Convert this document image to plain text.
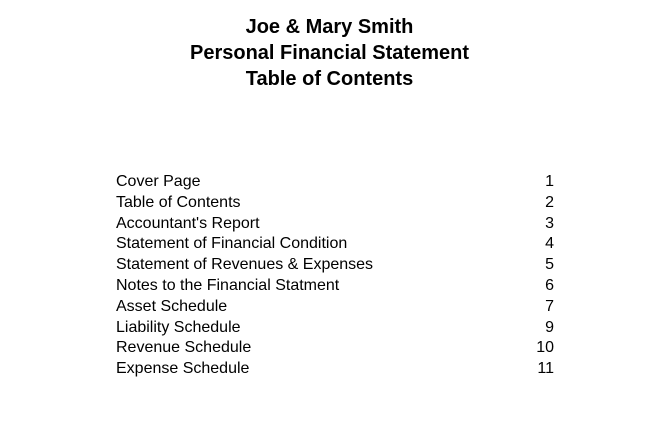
Joe & Mary Smith
Personal Financial Statement
Table of Contents
Cover Page	1
Table of Contents	2
Accountant's Report	3
Statement of Financial Condition	4
Statement of Revenues & Expenses	5
Notes to the Financial Statment	6
Asset Schedule	7
Liability Schedule	9
Revenue Schedule	10
Expense Schedule	11
